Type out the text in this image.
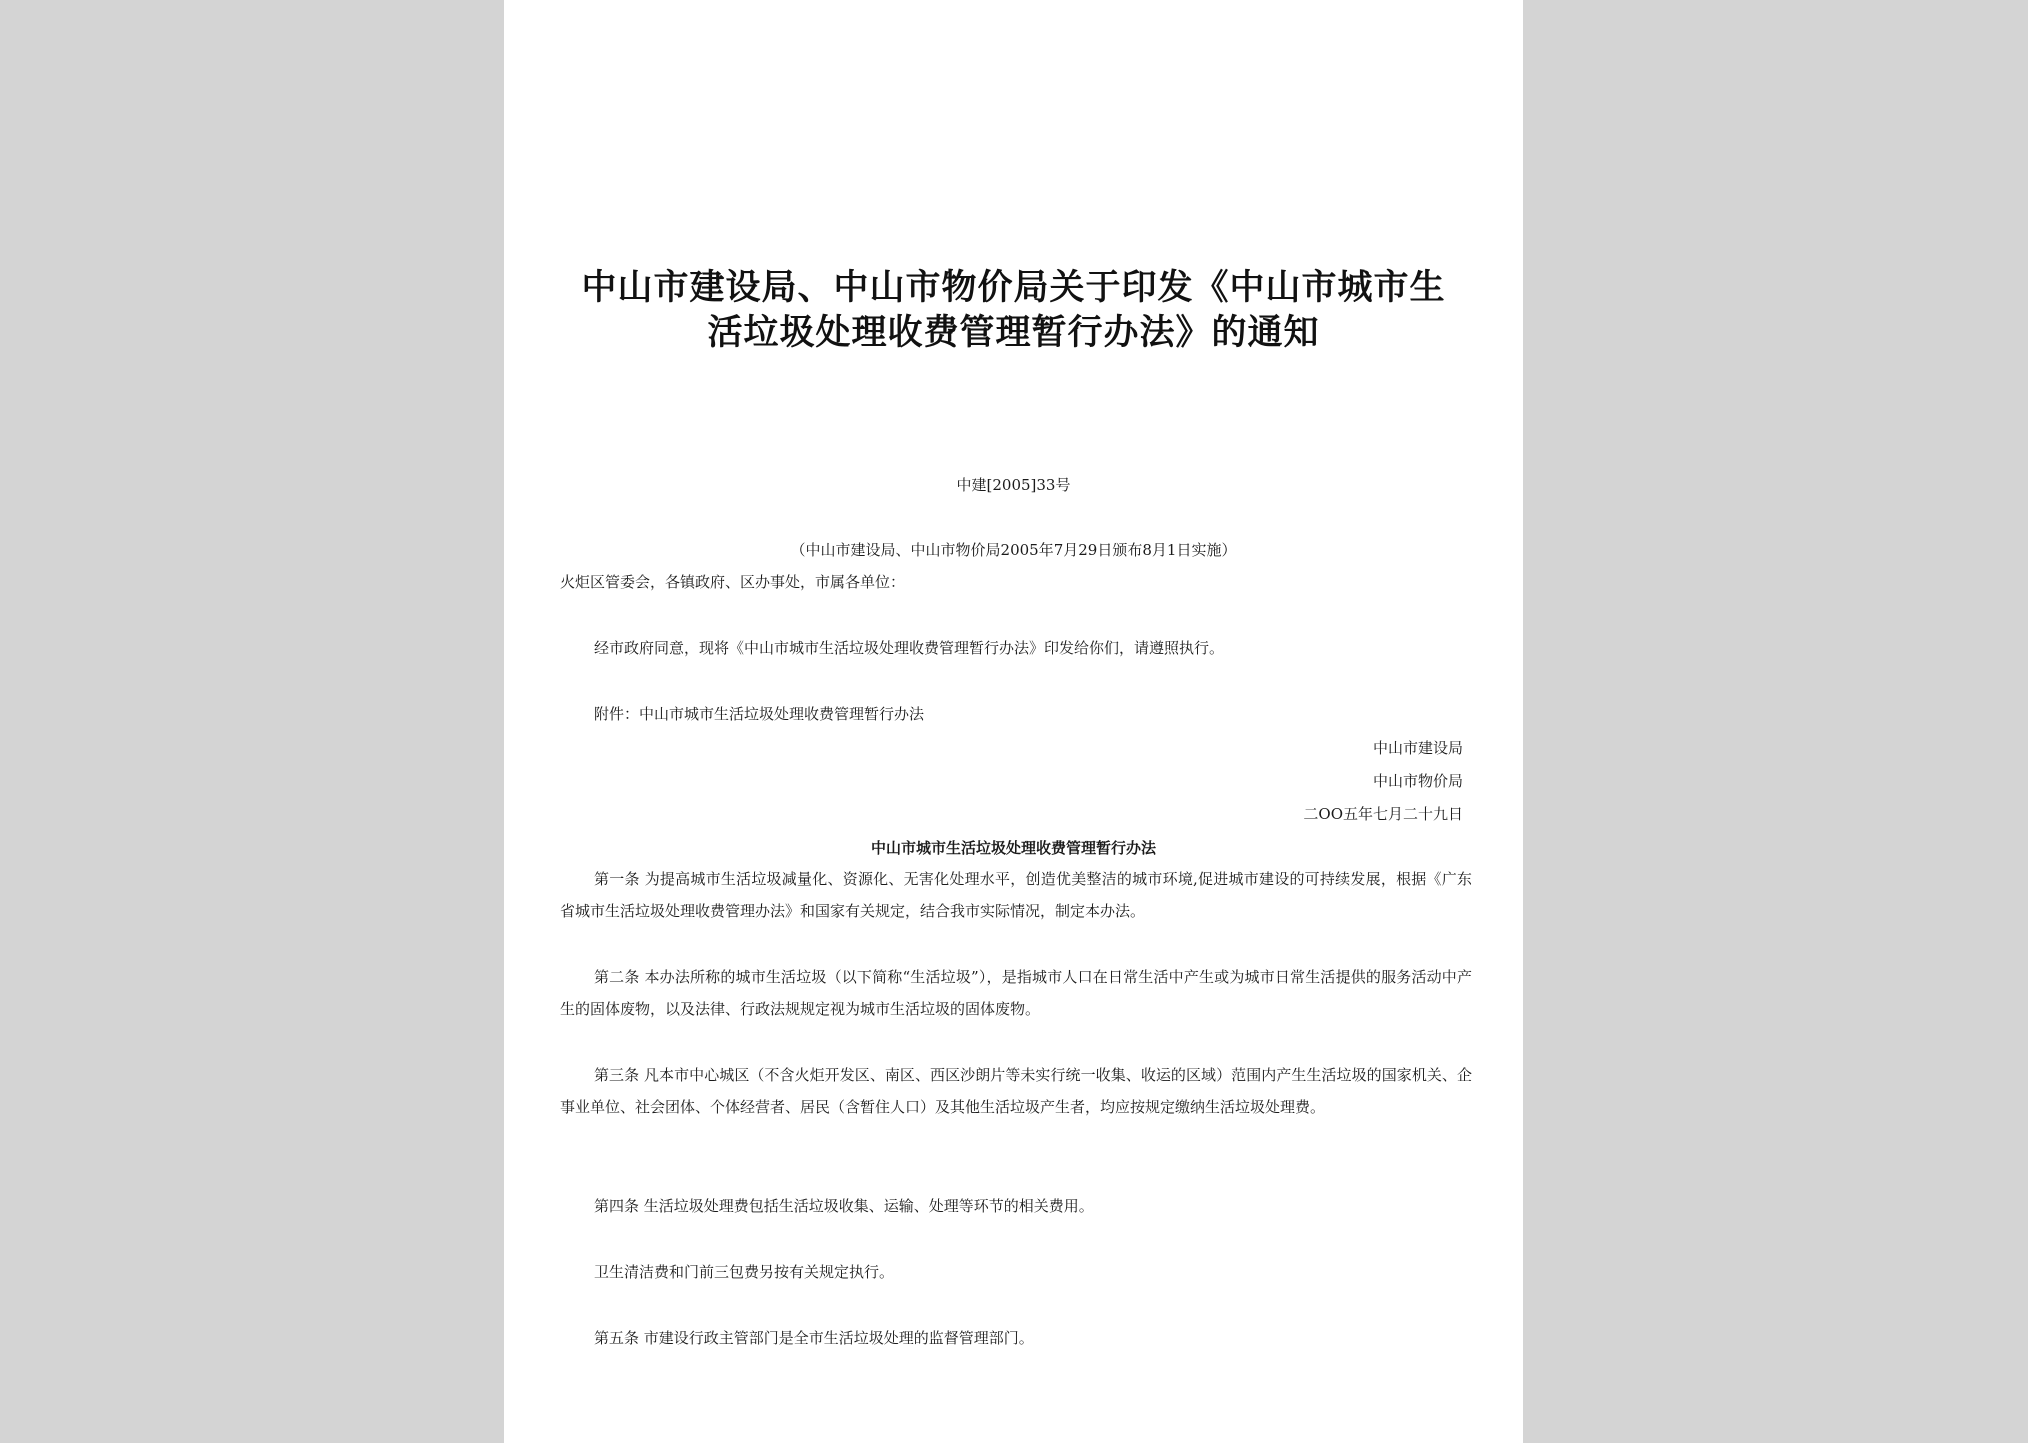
中山市建设局、中山市物价局关于印发《中山市城市生
活垃圾处理收费管理暂行办法》的通知
中建[2005]33号
（中山市建设局、中山市物价局2005年7月29日颁布8月1日实施）
火炬区管委会，各镇政府、区办事处，市属各单位：
经市政府同意，现将《中山市城市生活垃圾处理收费管理暂行办法》印发给你们，请遵照执行。
附件：中山市城市生活垃圾处理收费管理暂行办法
中山市建设局
中山市物价局
二OO五年七月二十九日
中山市城市生活垃圾处理收费管理暂行办法
第一条 为提高城市生活垃圾减量化、资源化、无害化处理水平，创造优美整洁的城市环境,促进城市建设的可持续发展，根据《广东省城市生活垃圾处理收费管理办法》和国家有关规定，结合我市实际情况，制定本办法。
第二条 本办法所称的城市生活垃圾（以下简称“生活垃圾”），是指城市人口在日常生活中产生或为城市日常生活提供的服务活动中产生的固体废物，以及法律、行政法规规定视为城市生活垃圾的固体废物。
第三条 凡本市中心城区（不含火炬开发区、南区、西区沙朗片等未实行统一收集、收运的区域）范围内产生生活垃圾的国家机关、企事业单位、社会团体、个体经营者、居民（含暂住人口）及其他生活垃圾产生者，均应按规定缴纳生活垃圾处理费。
第四条 生活垃圾处理费包括生活垃圾收集、运输、处理等环节的相关费用。
卫生清洁费和门前三包费另按有关规定执行。
第五条 市建设行政主管部门是全市生活垃圾处理的监督管理部门。
